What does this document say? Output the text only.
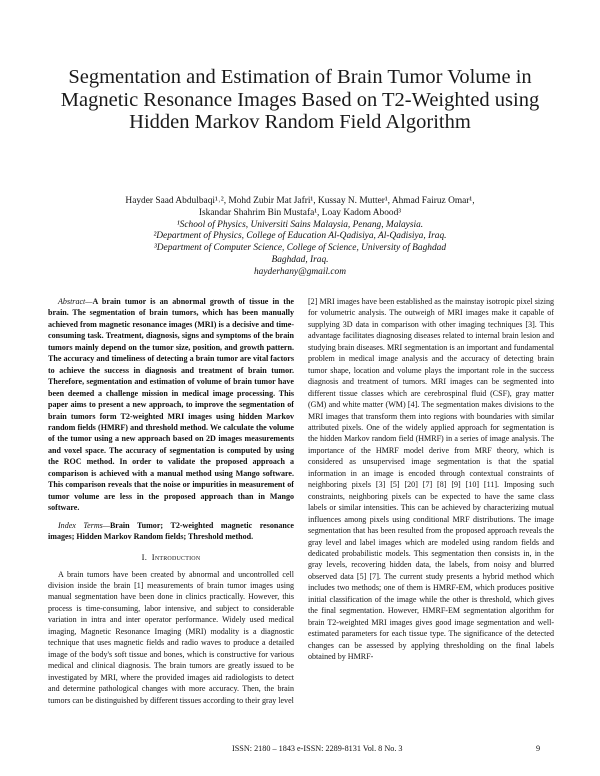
Segmentation and Estimation of Brain Tumor Volume in Magnetic Resonance Images Based on T2-Weighted using Hidden Markov Random Field Algorithm
Hayder Saad Abdulbaqi¹˒², Mohd Zubir Mat Jafri¹, Kussay N. Mutter¹, Ahmad Fairuz Omar¹,
Iskandar Shahrim Bin Mustafa¹, Loay Kadom Abood³
¹School of Physics, Universiti Sains Malaysia, Penang, Malaysia.
²Department of Physics, College of Education Al-Qadisiya, Al-Qadisiya, Iraq.
³Department of Computer Science, College of Science, University of Baghdad
Baghdad, Iraq.
hayderhany@gmail.com

Abstract—A brain tumor is an abnormal growth of tissue in the brain. The segmentation of brain tumors, which has been manually achieved from magnetic resonance images (MRI) is a decisive and time-consuming task. Treatment, diagnosis, signs and symptoms of the brain tumors mainly depend on the tumor size, position, and growth pattern. The accuracy and timeliness of detecting a brain tumor are vital factors to achieve the success in diagnosis and treatment of brain tumor. Therefore, segmentation and estimation of volume of brain tumor have been deemed a challenge mission in medical image processing. This paper aims to present a new approach, to improve the segmentation of brain tumors form T2-weighted MRI images using hidden Markov random fields (HMRF) and threshold method. We calculate the volume of the tumor using a new approach based on 2D images measurements and voxel space. The accuracy of segmentation is computed by using the ROC method. In order to validate the proposed approach a comparison is achieved with a manual method using Mango software. This comparison reveals that the noise or impurities in measurement of tumor volume are less in the proposed approach than in Mango software.

Index Terms—Brain Tumor; T2-weighted magnetic resonance images; Hidden Markov Random fields; Threshold method.

I. Introduction

A brain tumors have been created by abnormal and uncontrolled cell division inside the brain [1] measurements of brain tumor images using manual segmentation have been done in clinics practically. However, this process is time-consuming, labor intensive, and subject to considerable variation in intra and inter operator performance. Widely used medical imaging, Magnetic Resonance Imaging (MRI) modality is a diagnostic technique that uses magnetic fields and radio waves to produce a detailed image of the body's soft tissue and bones, which is constructive for various medical and clinical diagnosis. The brain tumors are greatly issued to be investigated by MRI, where the provided images aid radiologists to detect and determine pathological changes with more accuracy. Then, the brain tumors can be distinguished by different tissues according to their gray level

[2] MRI images have been established as the mainstay isotropic pixel sizing for volumetric analysis. The outweigh of MRI images make it capable of supplying 3D data in comparison with other imaging techniques [3]. This advantage facilitates diagnosing diseases related to internal brain lesion and studying brain diseases. MRI segmentation is an important and fundamental problem in medical image analysis and the accuracy of detecting brain tumor shape, location and volume plays the important role in the success diagnosis and treatment of tumors. MRI images can be segmented into different tissue classes which are cerebrospinal fluid (CSF), gray matter (GM) and white matter (WM) [4]. The segmentation makes divisions to the MRI images that transform them into regions with boundaries with similar attributed pixels. One of the widely applied approach for segmentation is the hidden Markov random field (HMRF) in a series of image analysis. The importance of the HMRF model derive from MRF theory, which is considered as unsupervised image segmentation is that the spatial information in an image is encoded through contextual constraints of neighboring pixels [3] [5] [20] [7] [8] [9] [10] [11]. Imposing such constraints, neighboring pixels can be expected to have the same class labels or similar intensities. This can be achieved by characterizing mutual influences among pixels using conditional MRF distributions. The image segmentation that has been resulted from the proposed approach reveals the gray level and label images which are modeled using random fields and dedicated probabilistic models. This segmentation then consists in, in the gray levels, recovering hidden data, the labels, from noisy and blurred observed data [5] [7]. The current study presents a hybrid method which includes two methods; one of them is HMRF-EM, which produces positive initial classification of the image while the other is threshold, which gives the final segmentation. However, HMRF-EM segmentation algorithm for brain T2-weighted MRI images gives good image segmentation and well-estimated parameters for each tissue type. The significance of the detected changes can be assessed by applying thresholding on the final labels obtained by HMRF-

ISSN: 2180 – 1843 e-ISSN: 2289-8131 Vol. 8 No. 3	9
